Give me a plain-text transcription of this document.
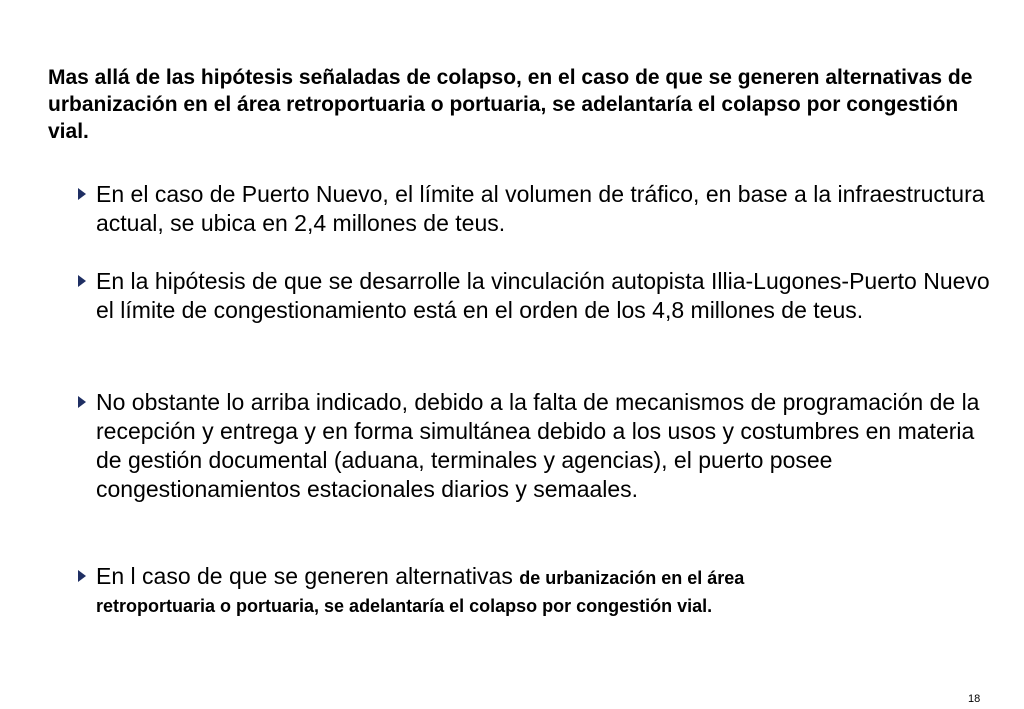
Mas allá de las hipótesis señaladas de colapso, en el caso de que se generen alternativas de urbanización en el área retroportuaria o portuaria, se adelantaría el colapso por congestión vial.

En el caso de Puerto Nuevo, el límite al volumen de tráfico, en base a la infraestructura actual, se ubica en 2,4 millones de teus.
En la hipótesis de que se desarrolle la vinculación autopista Illia-Lugones-Puerto Nuevo el límite de congestionamiento está en el orden de los 4,8 millones de teus.
No obstante lo arriba indicado, debido a la falta de mecanismos de programación de la recepción y entrega y en forma simultánea debido a los usos y costumbres en materia de gestión documental (aduana, terminales y agencias), el puerto posee congestionamientos estacionales diarios y semaales.
En l caso de que se generen alternativas de urbanización en el área
retroportuaria o portuaria, se adelantaría el colapso por congestión vial.

18
